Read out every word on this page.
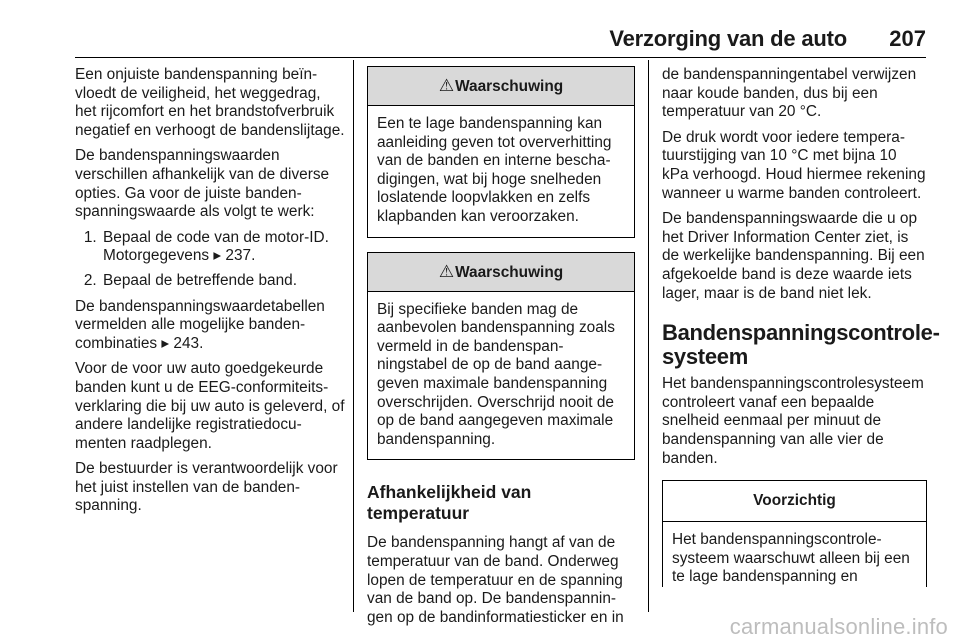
Verzorging van de auto 207

Een onjuiste bandenspanning beïnvloedt de veiligheid, het weggedrag, het rijcomfort en het brandstofverbruik negatief en verhoogt de bandenslijtage.

De bandenspanningswaarden verschillen afhankelijk van de diverse opties. Ga voor de juiste bandenspanningswaarde als volgt te werk:

1. Bepaal de code van de motor-ID. Motorgegevens ▸ 237.
2. Bepaal de betreffende band.

De bandenspanningswaardetabellen vermelden alle mogelijke bandencombinaties ▸ 243.

Voor de voor uw auto goedgekeurde banden kunt u de EEG-conformiteitsverklaring die bij uw auto is geleverd, of andere landelijke registratiedocumenten raadplegen.

De bestuurder is verantwoordelijk voor het juist instellen van de bandenspanning.

⚠Waarschuwing
Een te lage bandenspanning kan aanleiding geven tot oververhitting van de banden en interne beschadigingen, wat bij hoge snelheden loslatende loopvlakken en zelfs klapbanden kan veroorzaken.
⚠Waarschuwing
Bij specifieke banden mag de aanbevolen bandenspanning zoals vermeld in de bandenspanningstabel de op de band aangegeven maximale bandenspanning overschrijden. Overschrijd nooit de op de band aangegeven maximale bandenspanning.
Afhankelijkheid van temperatuur

De bandenspanning hangt af van de temperatuur van de band. Onderweg lopen de temperatuur en de spanning van de band op. De bandenspanningen op de bandinformatiesticker en in

de bandenspanningentabel verwijzen naar koude banden, dus bij een temperatuur van 20 °C.

De druk wordt voor iedere temperatuurstijging van 10 °C met bijna 10 kPa verhoogd. Houd hiermee rekening wanneer u warme banden controleert.

De bandenspanningswaarde die u op het Driver Information Center ziet, is de werkelijke bandenspanning. Bij een afgekoelde band is deze waarde iets lager, maar is de band niet lek.

Bandenspanningscontrolesysteem

Het bandenspanningscontrolesysteem controleert vanaf een bepaalde snelheid eenmaal per minuut de bandenspanning van alle vier de banden.

Voorzichtig
Het bandenspanningscontrolesysteem waarschuwt alleen bij een te lage bandenspanning en
carmanualsonline.info
